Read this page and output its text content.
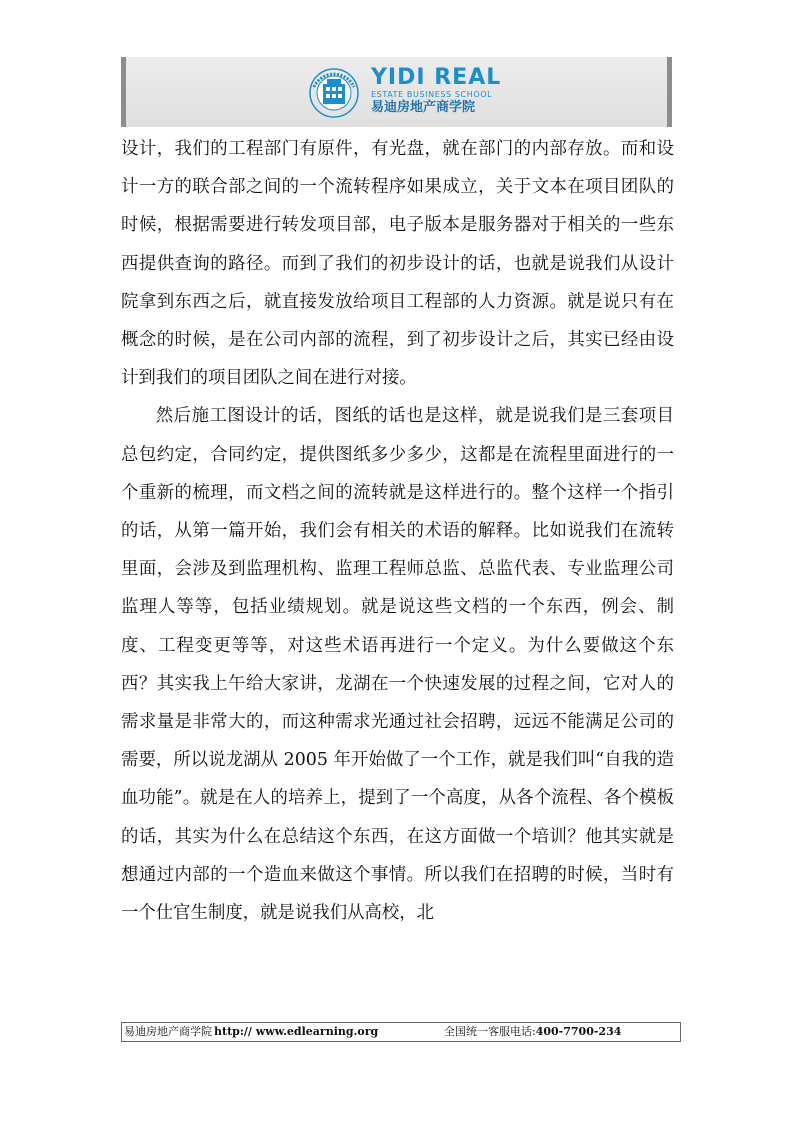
YIDI REAL
ESTATE BUSINESS SCHOOL
易迪房地产商学院

设计，我们的工程部门有原件，有光盘，就在部门的内部存放。而和设计一方的联合部之间的一个流转程序如果成立，关于文本在项目团队的时候，根据需要进行转发项目部，电子版本是服务器对于相关的一些东西提供查询的路径。而到了我们的初步设计的话，也就是说我们从设计院拿到东西之后，就直接发放给项目工程部的人力资源。就是说只有在概念的时候，是在公司内部的流程，到了初步设计之后，其实已经由设计到我们的项目团队之间在进行对接。

然后施工图设计的话，图纸的话也是这样，就是说我们是三套项目总包约定，合同约定，提供图纸多少多少，这都是在流程里面进行的一个重新的梳理，而文档之间的流转就是这样进行的。整个这样一个指引的话，从第一篇开始，我们会有相关的术语的解释。比如说我们在流转里面，会涉及到监理机构、监理工程师总监、总监代表、专业监理公司监理人等等，包括业绩规划。就是说这些文档的一个东西，例会、制度、工程变更等等，对这些术语再进行一个定义。为什么要做这个东西？其实我上午给大家讲，龙湖在一个快速发展的过程之间，它对人的需求量是非常大的，而这种需求光通过社会招聘，远远不能满足公司的需要，所以说龙湖从 2005 年开始做了一个工作，就是我们叫“自我的造血功能”。就是在人的培养上，提到了一个高度，从各个流程、各个模板的话，其实为什么在总结这个东西，在这方面做一个培训？他其实就是想通过内部的一个造血来做这个事情。所以我们在招聘的时候，当时有一个仕官生制度，就是说我们从高校，北

易迪房地产商学院 http:// www.edlearning.org	全国统一客服电话:400-7700-234
